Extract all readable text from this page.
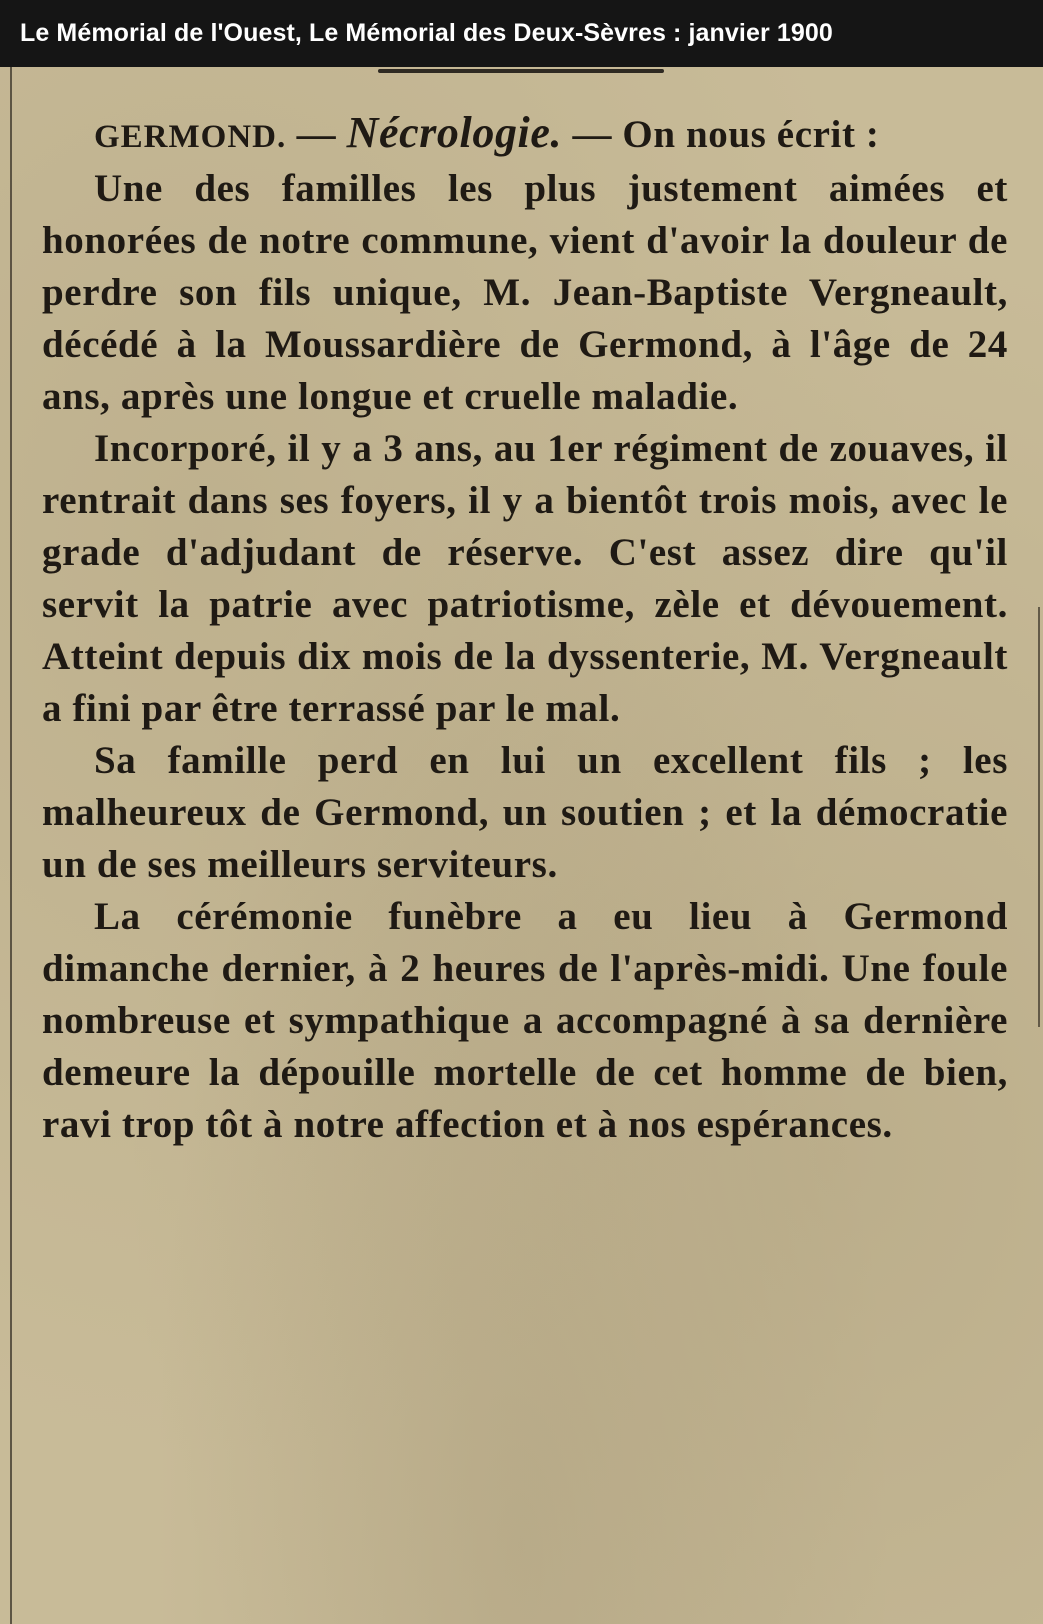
Le Mémorial de l'Ouest, Le Mémorial des Deux-Sèvres : janvier 1900

GERMOND. — Nécrologie. — On nous écrit :

Une des familles les plus justement aimées et honorées de notre commune, vient d'avoir la douleur de perdre son fils unique, M. Jean-Baptiste Vergneault, décédé à la Moussardière de Germond, à l'âge de 24 ans, après une longue et cruelle maladie.

Incorporé, il y a 3 ans, au 1er régiment de zouaves, il rentrait dans ses foyers, il y a bientôt trois mois, avec le grade d'adjudant de réserve. C'est assez dire qu'il servit la patrie avec patriotisme, zèle et dévouement. Atteint depuis dix mois de la dyssenterie, M. Vergneault a fini par être terrassé par le mal.

Sa famille perd en lui un excellent fils ; les malheureux de Germond, un soutien ; et la démocratie un de ses meilleurs serviteurs.

La cérémonie funèbre a eu lieu à Germond dimanche dernier, à 2 heures de l'après-midi. Une foule nombreuse et sympathique a accompagné à sa dernière demeure la dépouille mortelle de cet homme de bien, ravi trop tôt à notre affection et à nos espérances.
